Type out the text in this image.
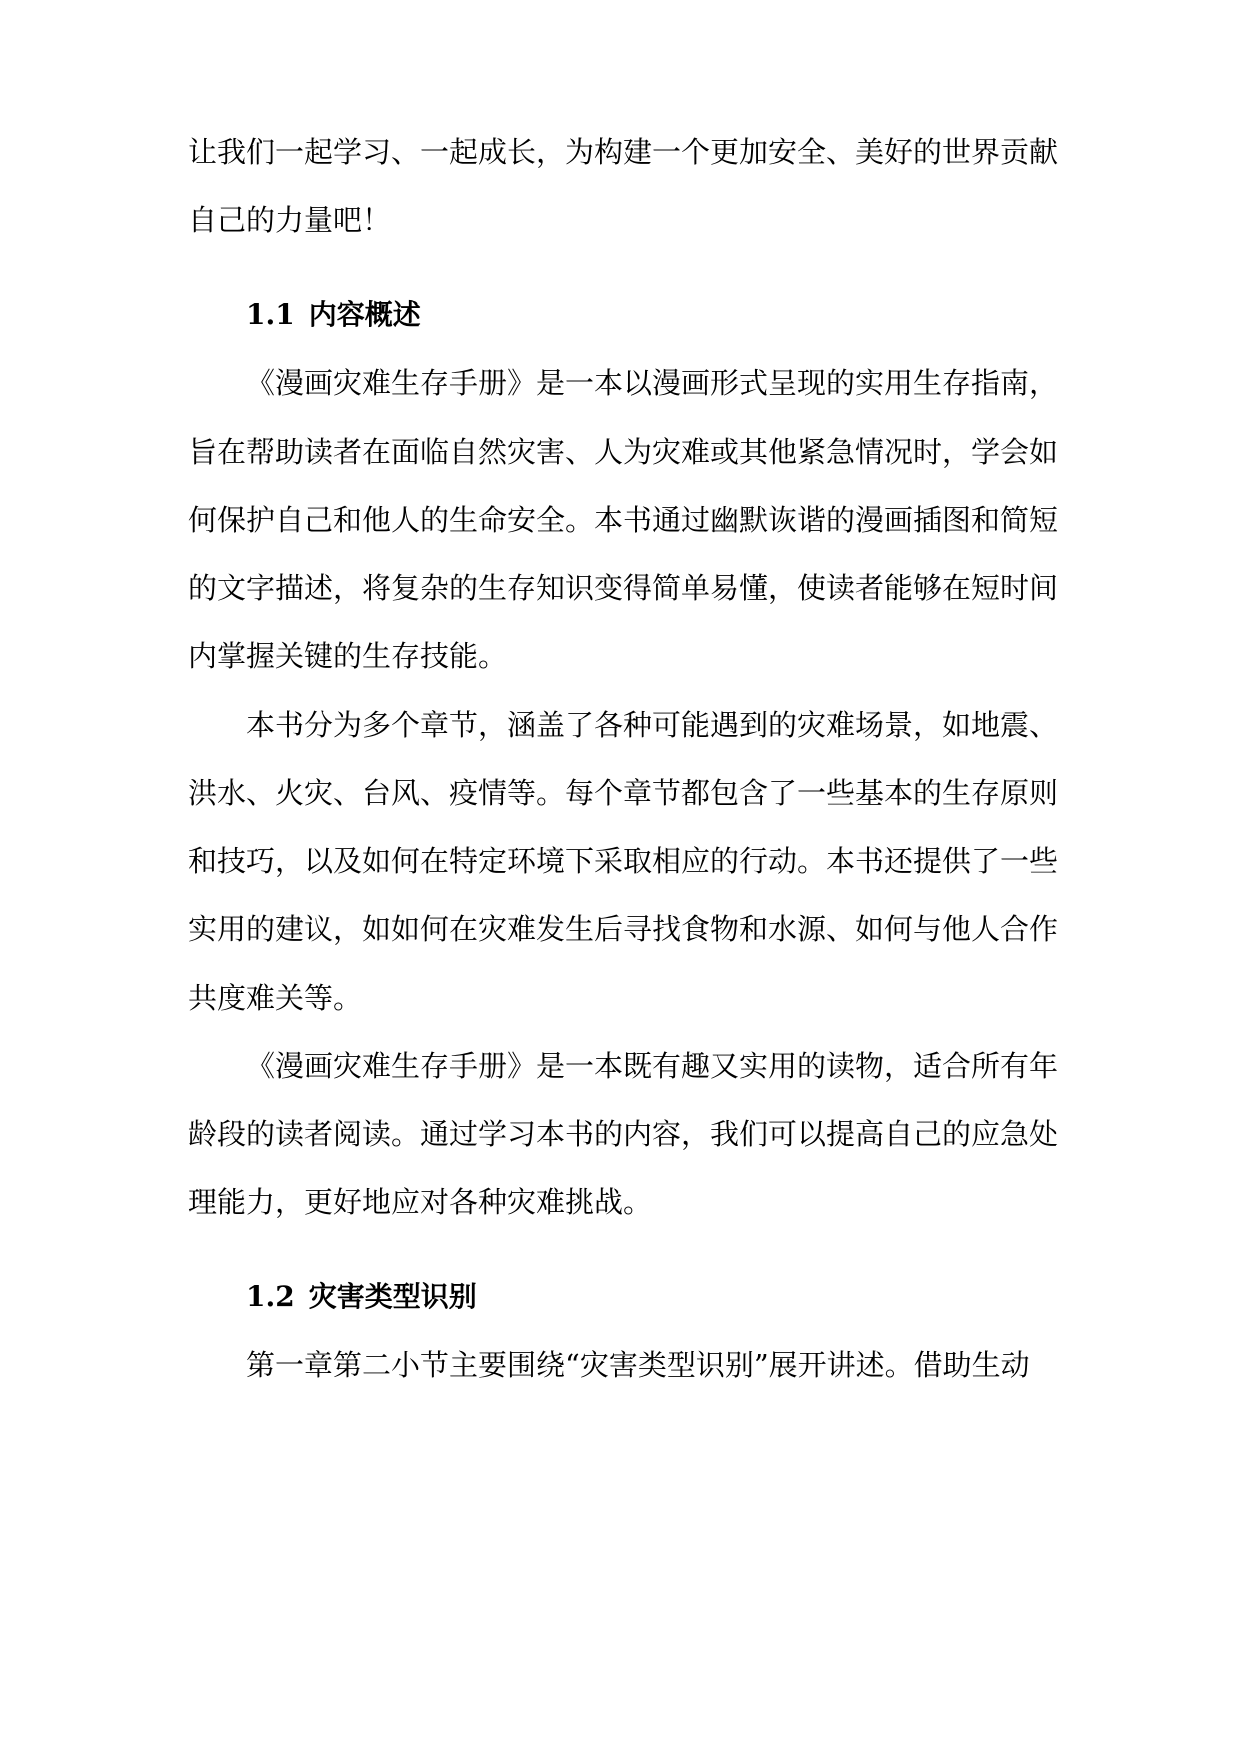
让我们一起学习、一起成长，为构建一个更加安全、美好的世界贡献
自己的力量吧！
1.1 内容概述
《漫画灾难生存手册》是一本以漫画形式呈现的实用生存指南，
旨在帮助读者在面临自然灾害、人为灾难或其他紧急情况时，学会如
何保护自己和他人的生命安全。本书通过幽默诙谐的漫画插图和简短
的文字描述，将复杂的生存知识变得简单易懂，使读者能够在短时间
内掌握关键的生存技能。
本书分为多个章节，涵盖了各种可能遇到的灾难场景，如地震、
洪水、火灾、台风、疫情等。每个章节都包含了一些基本的生存原则
和技巧，以及如何在特定环境下采取相应的行动。本书还提供了一些
实用的建议，如如何在灾难发生后寻找食物和水源、如何与他人合作
共度难关等。
《漫画灾难生存手册》是一本既有趣又实用的读物，适合所有年
龄段的读者阅读。通过学习本书的内容，我们可以提高自己的应急处
理能力，更好地应对各种灾难挑战。
1.2 灾害类型识别
第一章第二小节主要围绕“灾害类型识别”展开讲述。借助生动
